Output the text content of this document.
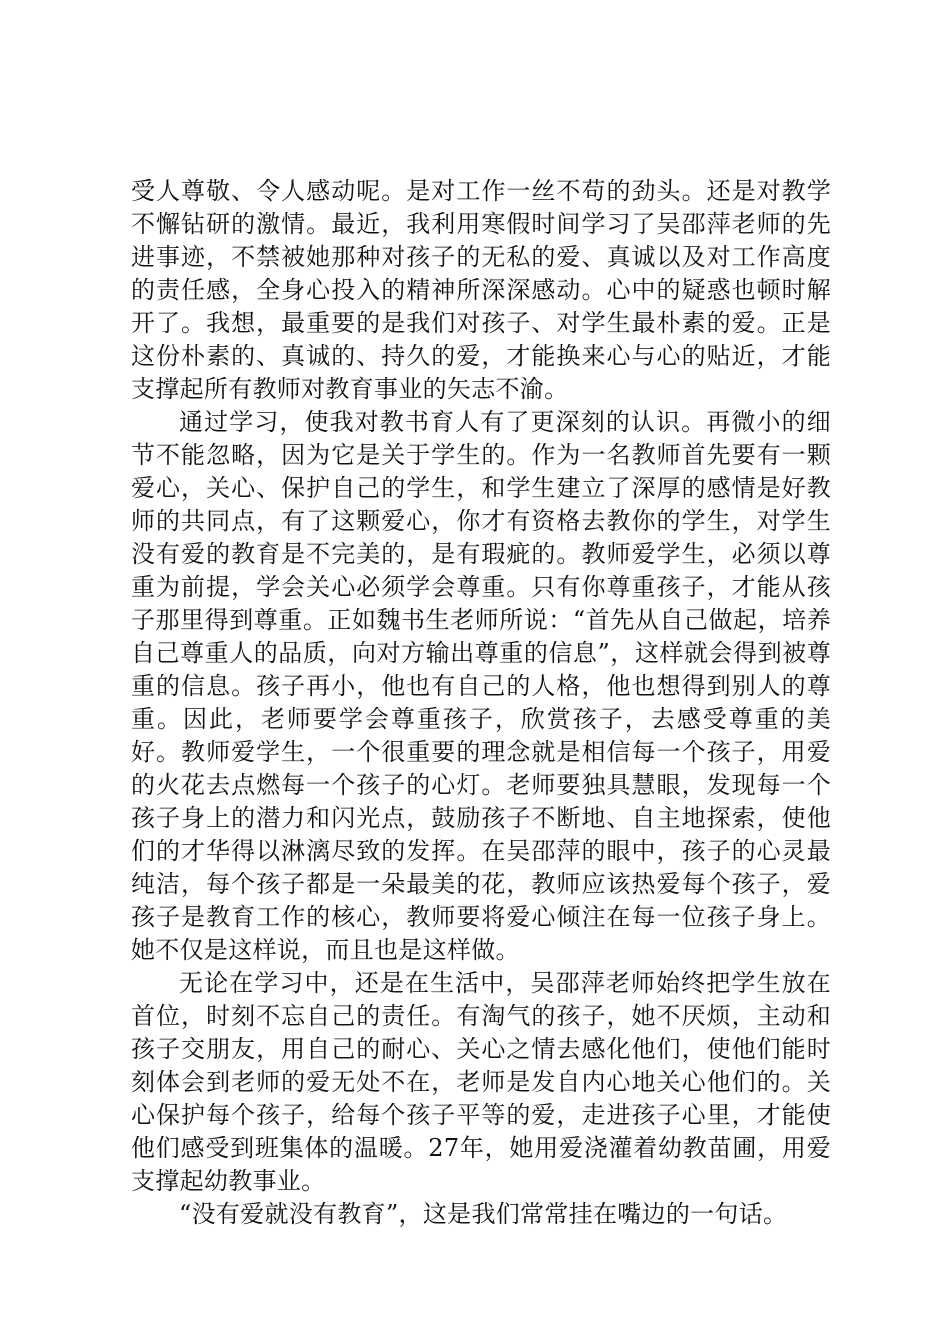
受人尊敬、令人感动呢。是对工作一丝不苟的劲头。还是对教学不懈钻研的激情。最近，我利用寒假时间学习了吴邵萍老师的先进事迹，不禁被她那种对孩子的无私的爱、真诚以及对工作高度的责任感，全身心投入的精神所深深感动。心中的疑惑也顿时解开了。我想，最重要的是我们对孩子、对学生最朴素的爱。正是这份朴素的、真诚的、持久的爱，才能换来心与心的贴近，才能支撑起所有教师对教育事业的矢志不渝。

通过学习，使我对教书育人有了更深刻的认识。再微小的细节不能忽略，因为它是关于学生的。作为一名教师首先要有一颗爱心，关心、保护自己的学生，和学生建立了深厚的感情是好教师的共同点，有了这颗爱心，你才有资格去教你的学生，对学生没有爱的教育是不完美的，是有瑕疵的。教师爱学生，必须以尊重为前提，学会关心必须学会尊重。只有你尊重孩子，才能从孩子那里得到尊重。正如魏书生老师所说：“首先从自己做起，培养自己尊重人的品质，向对方输出尊重的信息”，这样就会得到被尊重的信息。孩子再小，他也有自己的人格，他也想得到别人的尊重。因此，老师要学会尊重孩子，欣赏孩子，去感受尊重的美好。教师爱学生，一个很重要的理念就是相信每一个孩子，用爱的火花去点燃每一个孩子的心灯。老师要独具慧眼，发现每一个孩子身上的潜力和闪光点，鼓励孩子不断地、自主地探索，使他们的才华得以淋漓尽致的发挥。在吴邵萍的眼中，孩子的心灵最纯洁，每个孩子都是一朵最美的花，教师应该热爱每个孩子，爱孩子是教育工作的核心，教师要将爱心倾注在每一位孩子身上。她不仅是这样说，而且也是这样做。

无论在学习中，还是在生活中，吴邵萍老师始终把学生放在首位，时刻不忘自己的责任。有淘气的孩子，她不厌烦，主动和孩子交朋友，用自己的耐心、关心之情去感化他们，使他们能时刻体会到老师的爱无处不在，老师是发自内心地关心他们的。关心保护每个孩子，给每个孩子平等的爱，走进孩子心里，才能使他们感受到班集体的温暖。27年，她用爱浇灌着幼教苗圃，用爱支撑起幼教事业。

“没有爱就没有教育”，这是我们常常挂在嘴边的一句话。
